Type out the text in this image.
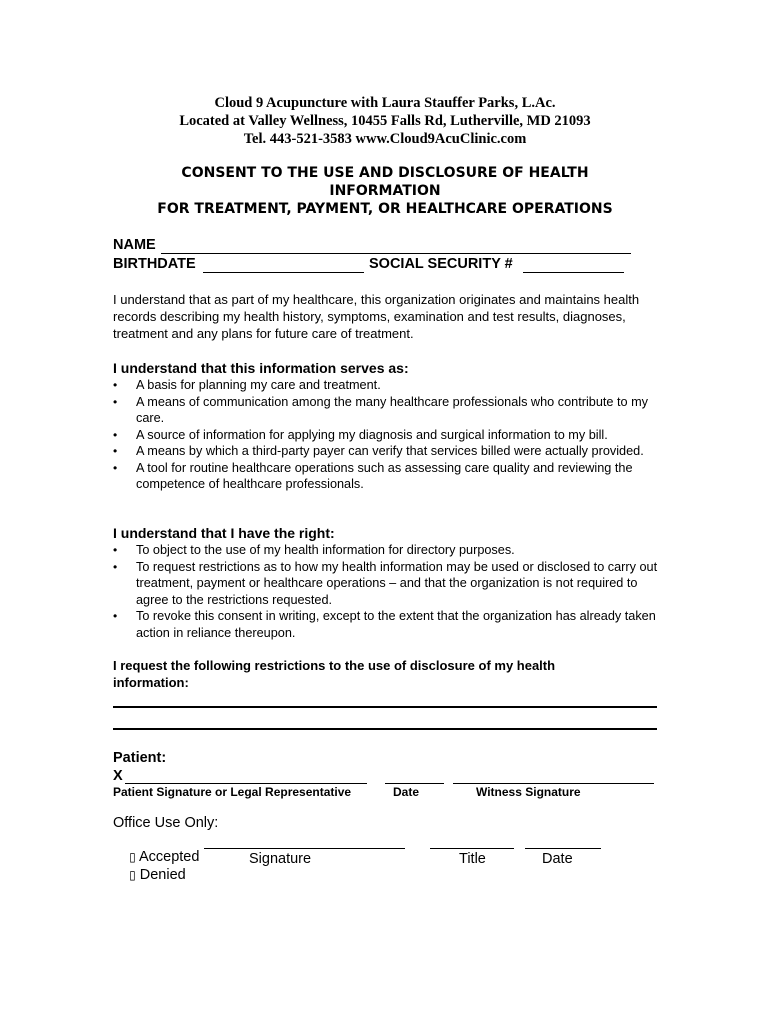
Cloud 9 Acupuncture with Laura Stauffer Parks, L.Ac.
Located at Valley Wellness, 10455 Falls Rd, Lutherville, MD 21093
Tel. 443-521-3583 www.Cloud9AcuClinic.com
CONSENT TO THE USE AND DISCLOSURE OF HEALTH
INFORMATION
FOR TREATMENT, PAYMENT, OR HEALTHCARE OPERATIONS
NAME
BIRTHDATE	SOCIAL SECURITY #
I understand that as part of my healthcare, this organization originates and maintains health records describing my health history, symptoms, examination and test results, diagnoses, treatment and any plans for future care of treatment.
I understand that this information serves as:
• A basis for planning my care and treatment.
• A means of communication among the many healthcare professionals who contribute to my care.
• A source of information for applying my diagnosis and surgical information to my bill.
• A means by which a third-party payer can verify that services billed were actually provided.
• A tool for routine healthcare operations such as assessing care quality and reviewing the competence of healthcare professionals.
I understand that I have the right:
• To object to the use of my health information for directory purposes.
• To request restrictions as to how my health information may be used or disclosed to carry out treatment, payment or healthcare operations – and that the organization is not required to agree to the restrictions requested.
• To revoke this consent in writing, except to the extent that the organization has already taken action in reliance thereupon.
I request the following restrictions to the use of disclosure of my health information:
Patient:
X
Patient Signature or Legal Representative	Date	Witness Signature
Office Use Only:

▯ Accepted

▯ Denied

Signature	Title	Date
